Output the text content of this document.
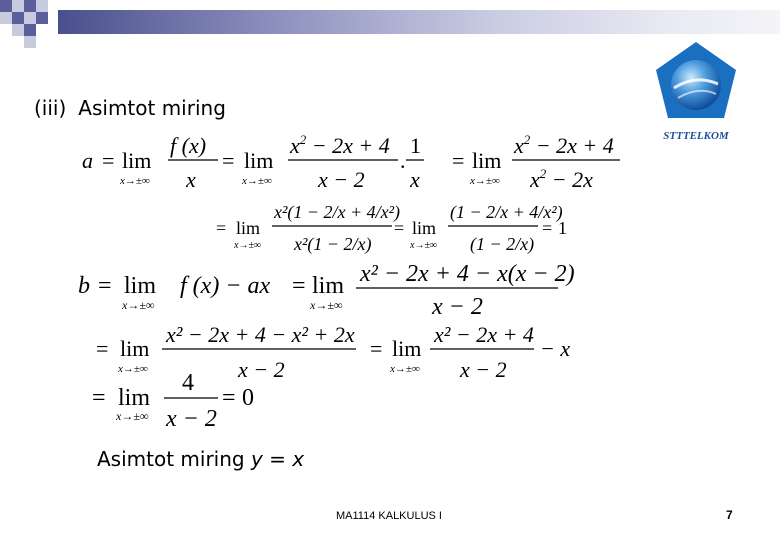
STTTELKOM
(iii) Asimtot miring
a = lim
x→±∞
f (x)
x
= lim
x→±∞
$x^2 - 2x + 4$
x − 2
.
1
x
= lim
x→±∞
$x^2 - 2x + 4$
$x^2 - 2x$
= lim
x→±∞
x²(1 − 2/x + 4/x²)
x²(1 − 2/x)
= lim
x→±∞
(1 − 2/x + 4/x²)
(1 − 2/x)
= 1
b = lim
x→±∞
f (x) − ax = lim
x→±∞
x² − 2x + 4 − x(x − 2)
x − 2
= lim
x→±∞
x² − 2x + 4 − x² + 2x
x − 2
= lim
x→±∞
x² − 2x + 4
x − 2
− x
= lim
x→±∞
4
x − 2
= 0
Asimtot miring y = x
MA1114 KALKULUS I	7
